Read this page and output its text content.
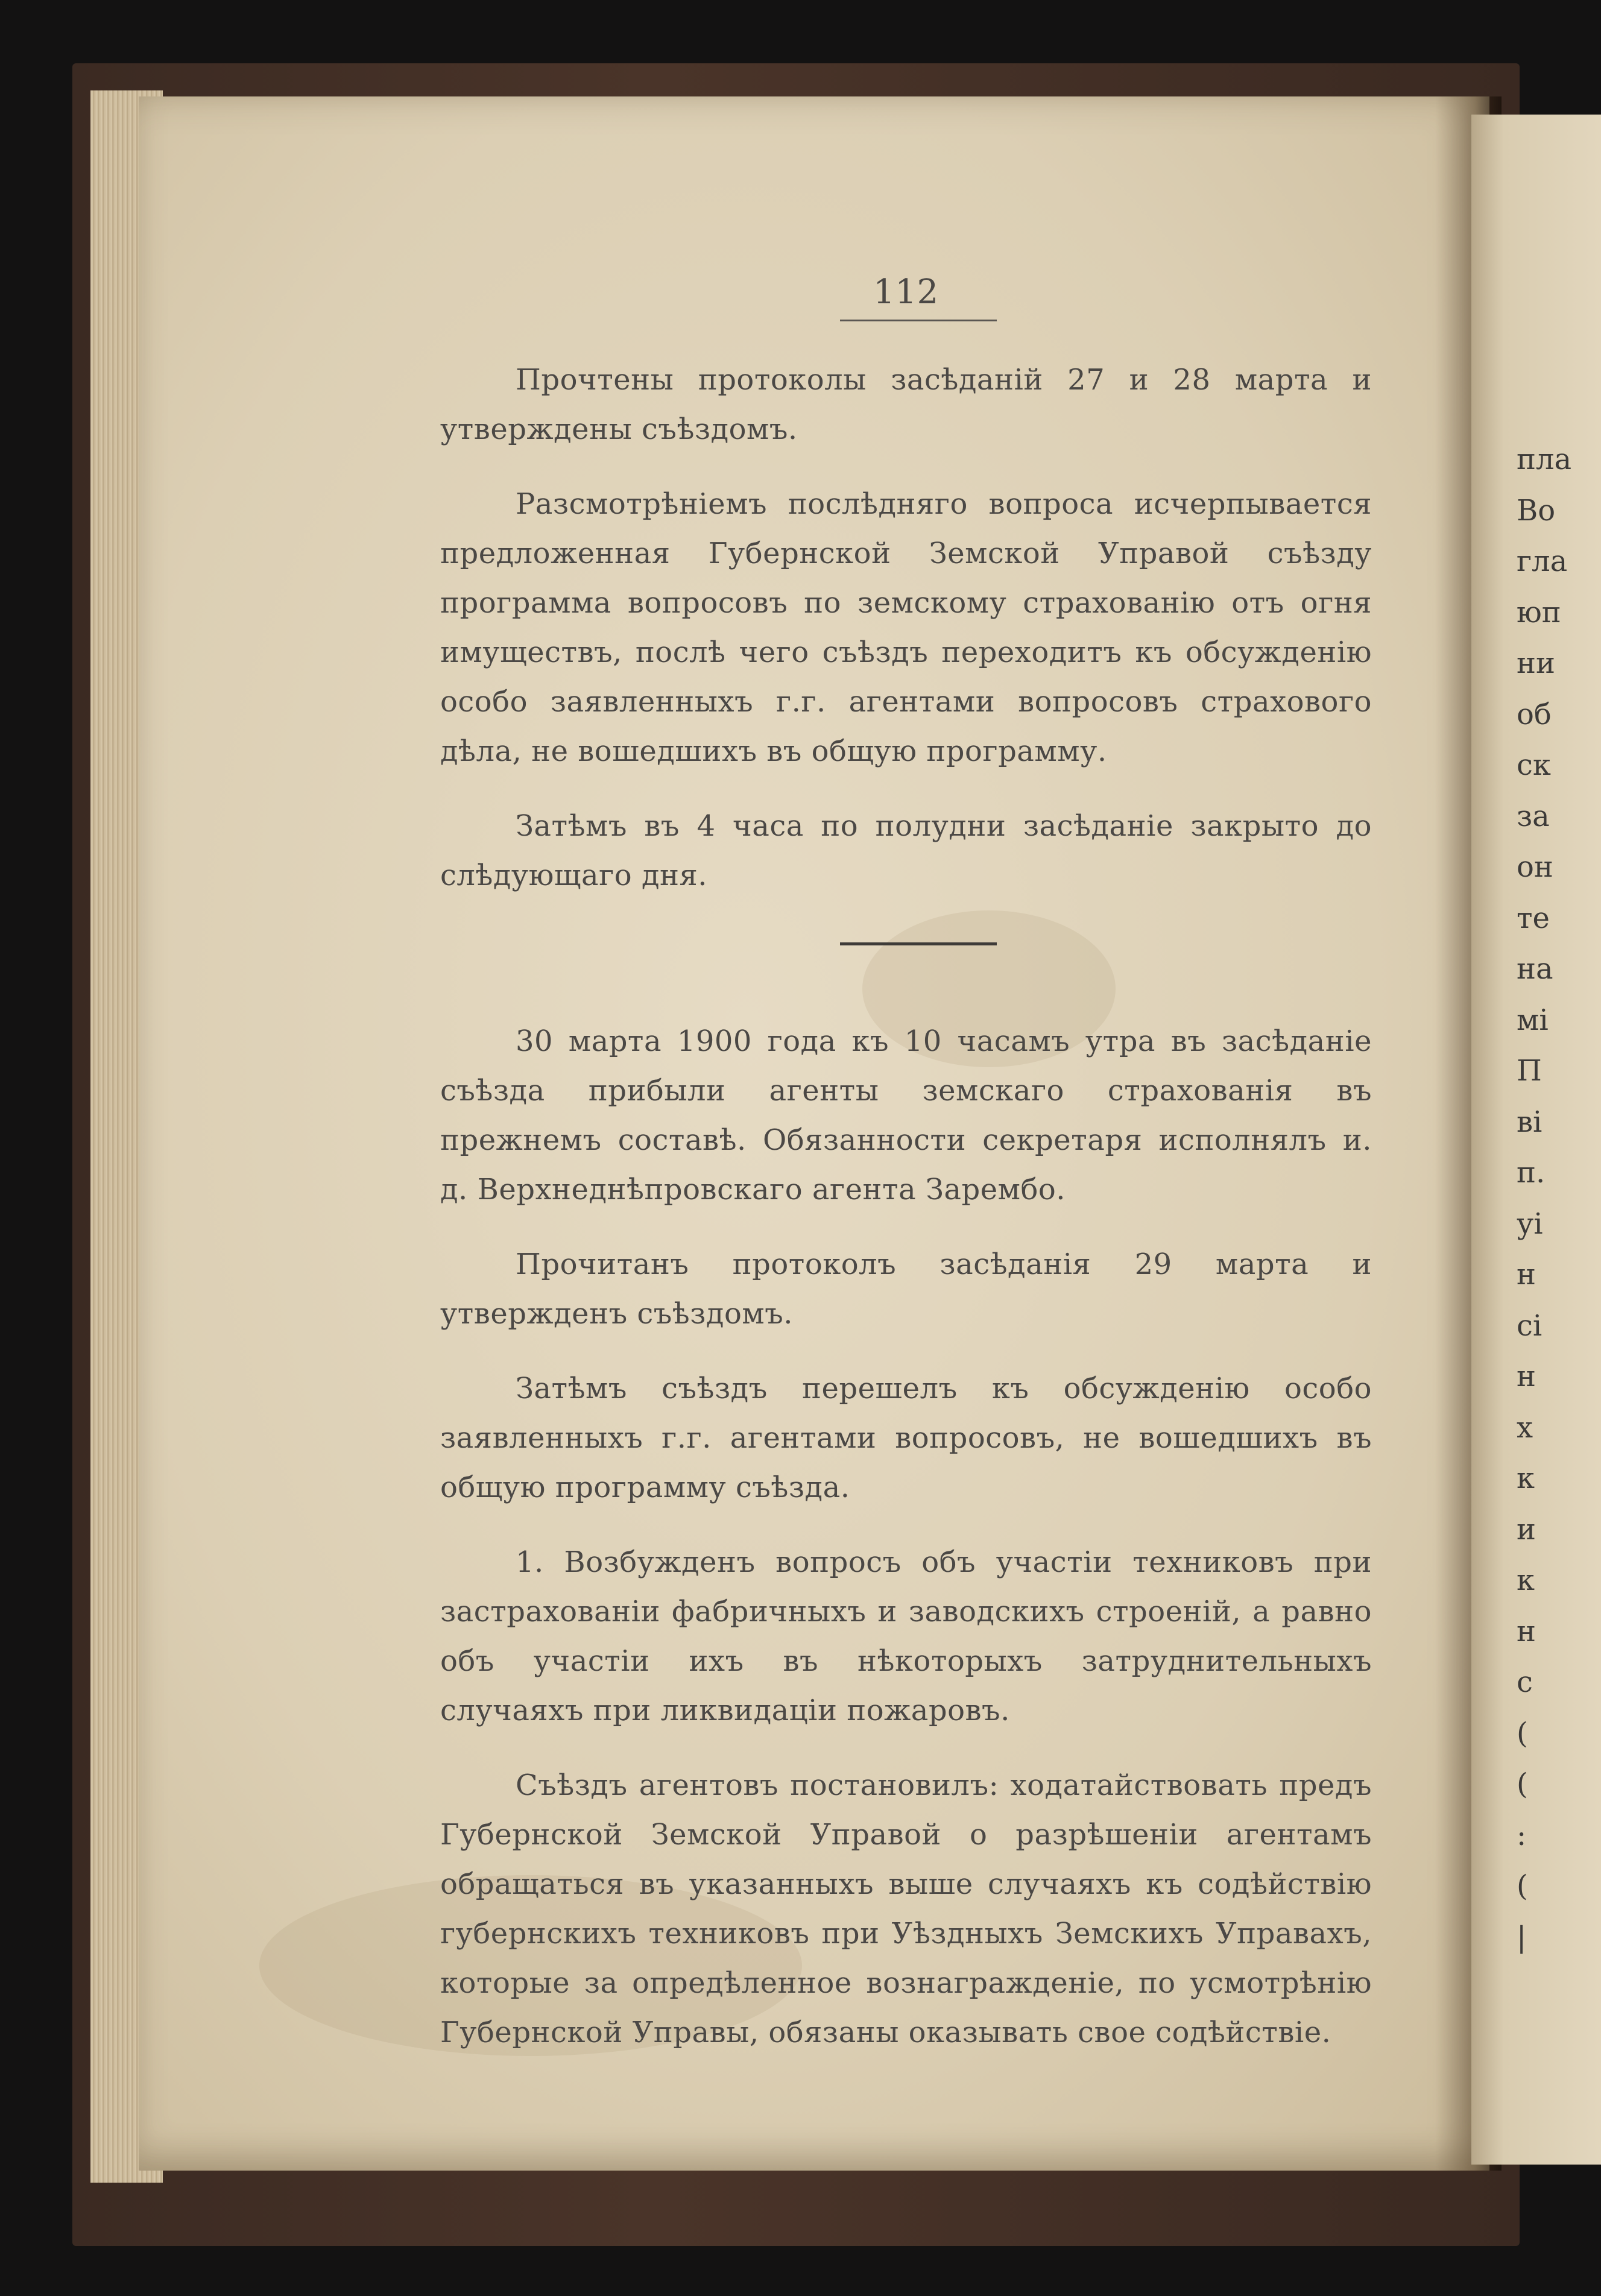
пла
Во
гла
юп
ни
об
ск
за
он
те
на
мі
П
ві
п.
уі
н
сі
н
х
к
и
к
н
с
(
(
:
(
|
112

Прочтены протоколы засѣданій 27 и 28 марта и утверждены съѣздомъ.

Разсмотрѣніемъ послѣдняго вопроса исчерпывается предложенная Губернской Земской Управой съѣзду программа вопросовъ по земскому страхованію отъ огня имуществъ, послѣ чего съѣздъ переходитъ къ обсужденію особо заявленныхъ г.г. агентами вопросовъ страхового дѣла, не вошедшихъ въ общую программу.

Затѣмъ въ 4 часа по полудни засѣданіе закрыто до слѣдующаго дня.

30 марта 1900 года къ 10 часамъ утра въ засѣданіе съѣзда прибыли агенты земскаго страхованія въ прежнемъ составѣ. Обязанности секретаря исполнялъ и. д. Верхнеднѣпровскаго агента Зарембо.

Прочитанъ протоколъ засѣданія 29 марта и утвержденъ съѣздомъ.

Затѣмъ съѣздъ перешелъ къ обсужденію особо заявленныхъ г.г. агентами вопросовъ, не вошедшихъ въ общую программу съѣзда.

1. Возбужденъ вопросъ объ участіи техниковъ при застрахованіи фабричныхъ и заводскихъ строеній, а равно объ участіи ихъ въ нѣкоторыхъ затруднительныхъ случаяхъ при ликвидаціи пожаровъ.

Съѣздъ агентовъ постановилъ: ходатайствовать предъ Губернской Земской Управой о разрѣшеніи агентамъ обращаться въ указанныхъ выше случаяхъ къ содѣйствію губернскихъ техниковъ при Уѣздныхъ Земскихъ Управахъ, которые за опредѣленное вознагражденіе, по усмотрѣнію Губернской Управы, обязаны оказывать свое содѣйствіе.
